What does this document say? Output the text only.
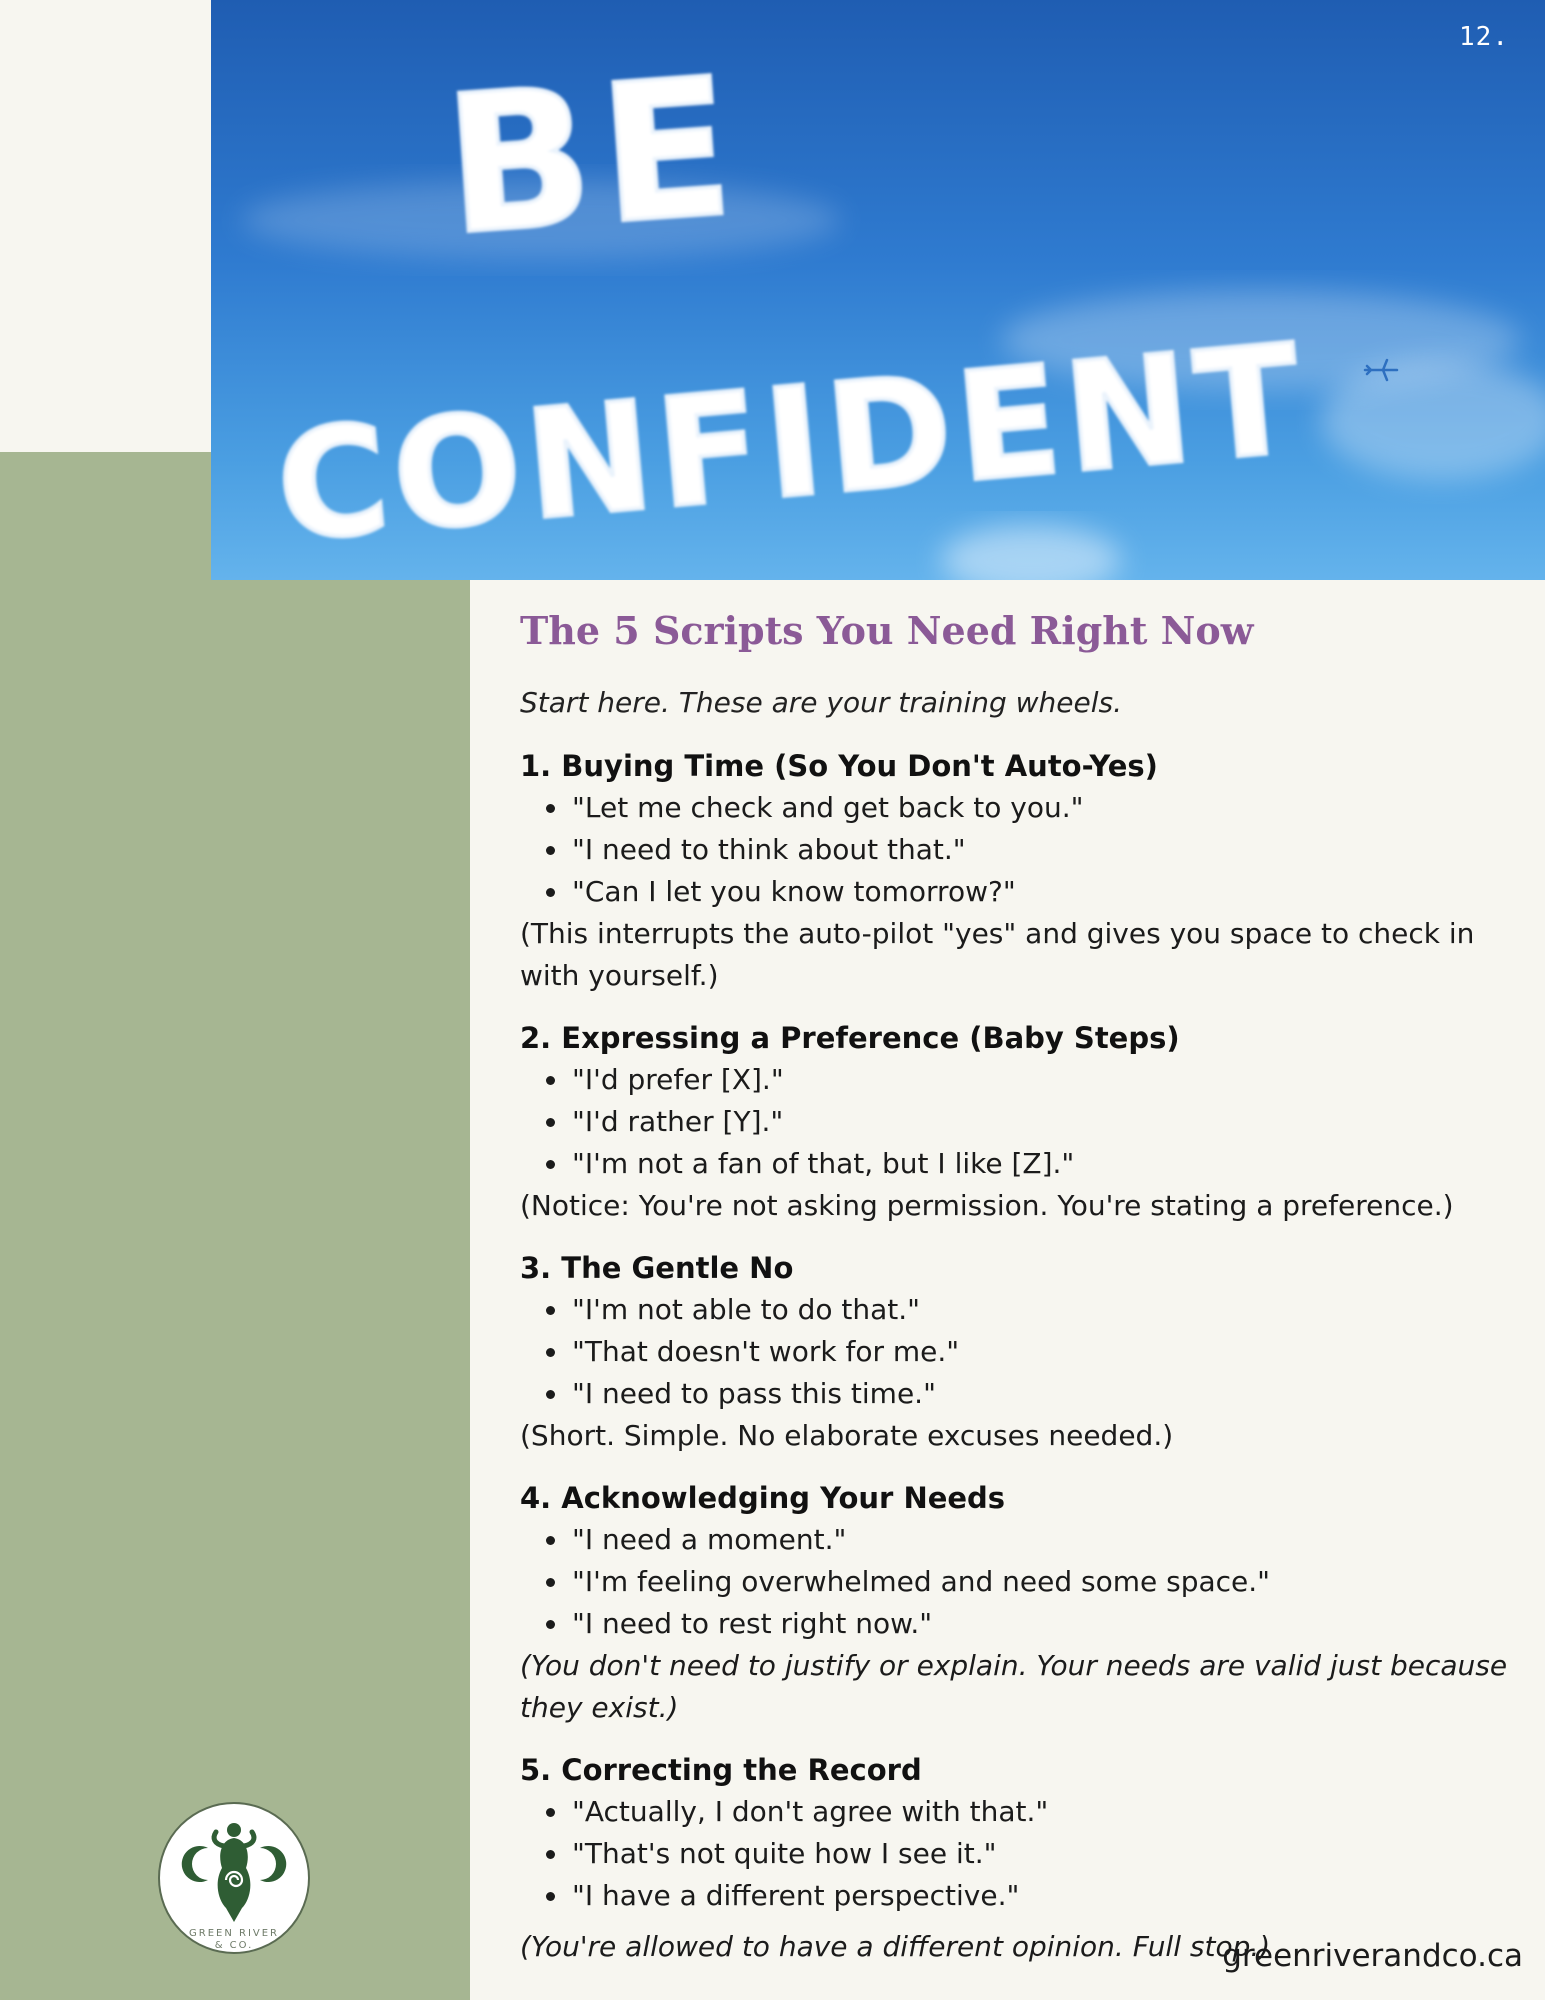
BE
CONFIDENT
12.
The 5 Scripts You Need Right Now

Start here. These are your training wheels.

1. Buying Time (So You Don't Auto-Yes)
"Let me check and get back to you."
"I need to think about that."
"Can I let you know tomorrow?"

(This interrupts the auto-pilot "yes" and gives you space to check in with yourself.)

2. Expressing a Preference (Baby Steps)
"I'd prefer [X]."
"I'd rather [Y]."
"I'm not a fan of that, but I like [Z]."

(Notice: You're not asking permission. You're stating a preference.)

3. The Gentle No
"I'm not able to do that."
"That doesn't work for me."
"I need to pass this time."

(Short. Simple. No elaborate excuses needed.)

4. Acknowledging Your Needs
"I need a moment."
"I'm feeling overwhelmed and need some space."
"I need to rest right now."

(You don't need to justify or explain. Your needs are valid just because they exist.)

5. Correcting the Record
"Actually, I don't agree with that."
"That's not quite how I see it."
"I have a different perspective."

(You're allowed to have a different opinion. Full stop.)

greenriverandco.ca

GREEN RIVER
& CO.
